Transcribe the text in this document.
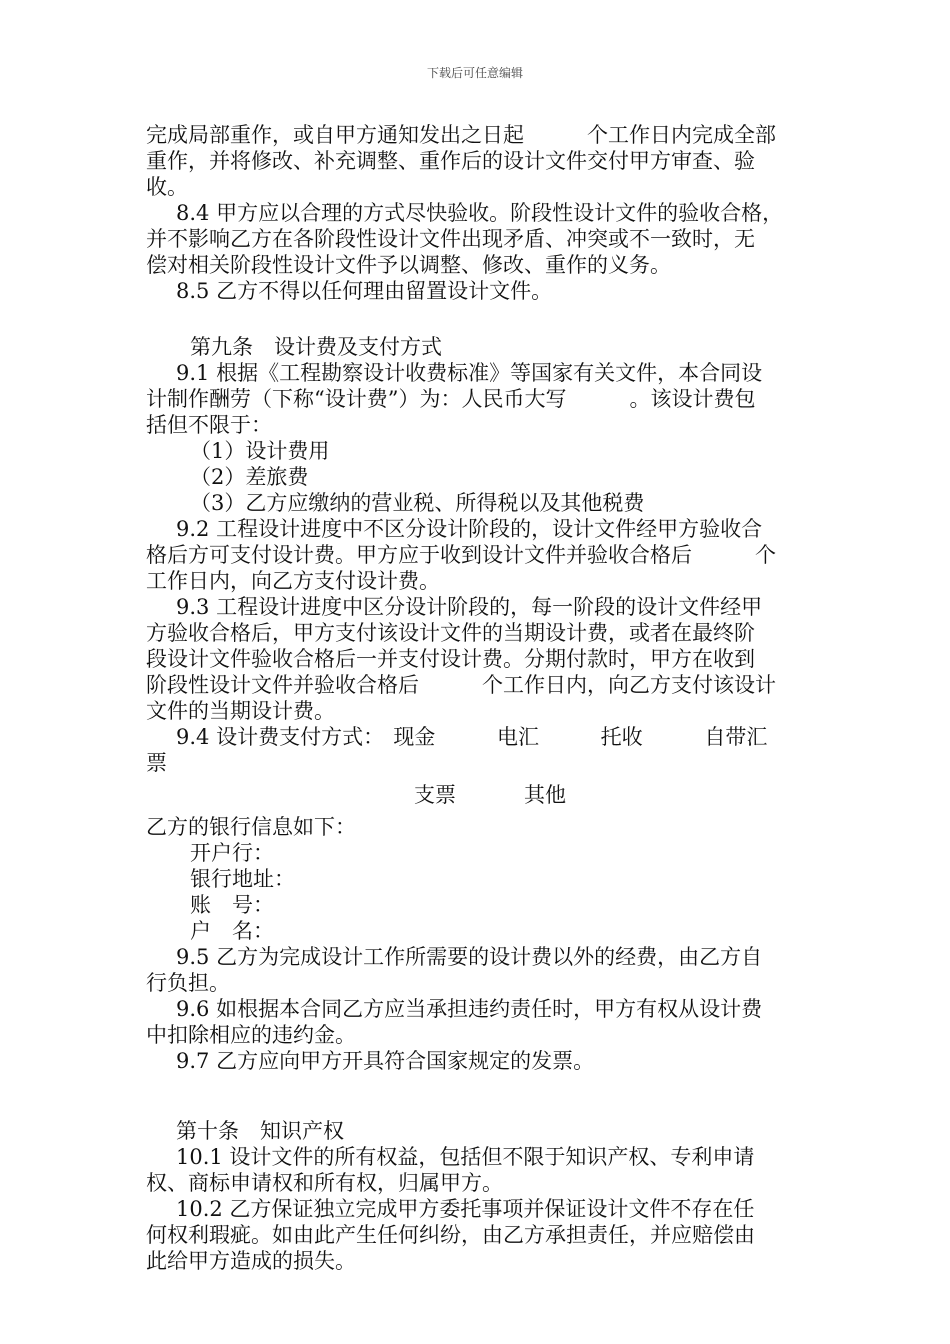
下载后可任意编辑
完成局部重作，或自甲方通知发出之日起　　　个工作日内完成全部
重作，并将修改、补充调整、重作后的设计文件交付甲方审查、验
收。
8.4 甲方应以合理的方式尽快验收。阶段性设计文件的验收合格，
并不影响乙方在各阶段性设计文件出现矛盾、冲突或不一致时，无
偿对相关阶段性设计文件予以调整、修改、重作的义务。
8.5 乙方不得以任何理由留置设计文件。
第九条　设计费及支付方式
9.1 根据《工程勘察设计收费标准》等国家有关文件，本合同设
计制作酬劳（下称“设计费”）为：人民币大写　　　。该设计费包
括但不限于：
（1）设计费用
（2）差旅费
（3）乙方应缴纳的营业税、所得税以及其他税费
9.2 工程设计进度中不区分设计阶段的，设计文件经甲方验收合
格后方可支付设计费。甲方应于收到设计文件并验收合格后　　　个
工作日内，向乙方支付设计费。
9.3 工程设计进度中区分设计阶段的，每一阶段的设计文件经甲
方验收合格后，甲方支付该设计文件的当期设计费，或者在最终阶
段设计文件验收合格后一并支付设计费。分期付款时，甲方在收到
阶段性设计文件并验收合格后　　　个工作日内，向乙方支付该设计
文件的当期设计费。
9.4 设计费支付方式： 现金	电汇	托收	自带汇
票
支票	其他
乙方的银行信息如下：
开户行：
银行地址：
账　号：
户　名：
9.5 乙方为完成设计工作所需要的设计费以外的经费，由乙方自
行负担。
9.6 如根据本合同乙方应当承担违约责任时，甲方有权从设计费
中扣除相应的违约金。
9.7 乙方应向甲方开具符合国家规定的发票。
第十条　知识产权
10.1 设计文件的所有权益，包括但不限于知识产权、专利申请
权、商标申请权和所有权，归属甲方。
10.2 乙方保证独立完成甲方委托事项并保证设计文件不存在任
何权利瑕疵。如由此产生任何纠纷，由乙方承担责任，并应赔偿由
此给甲方造成的损失。
